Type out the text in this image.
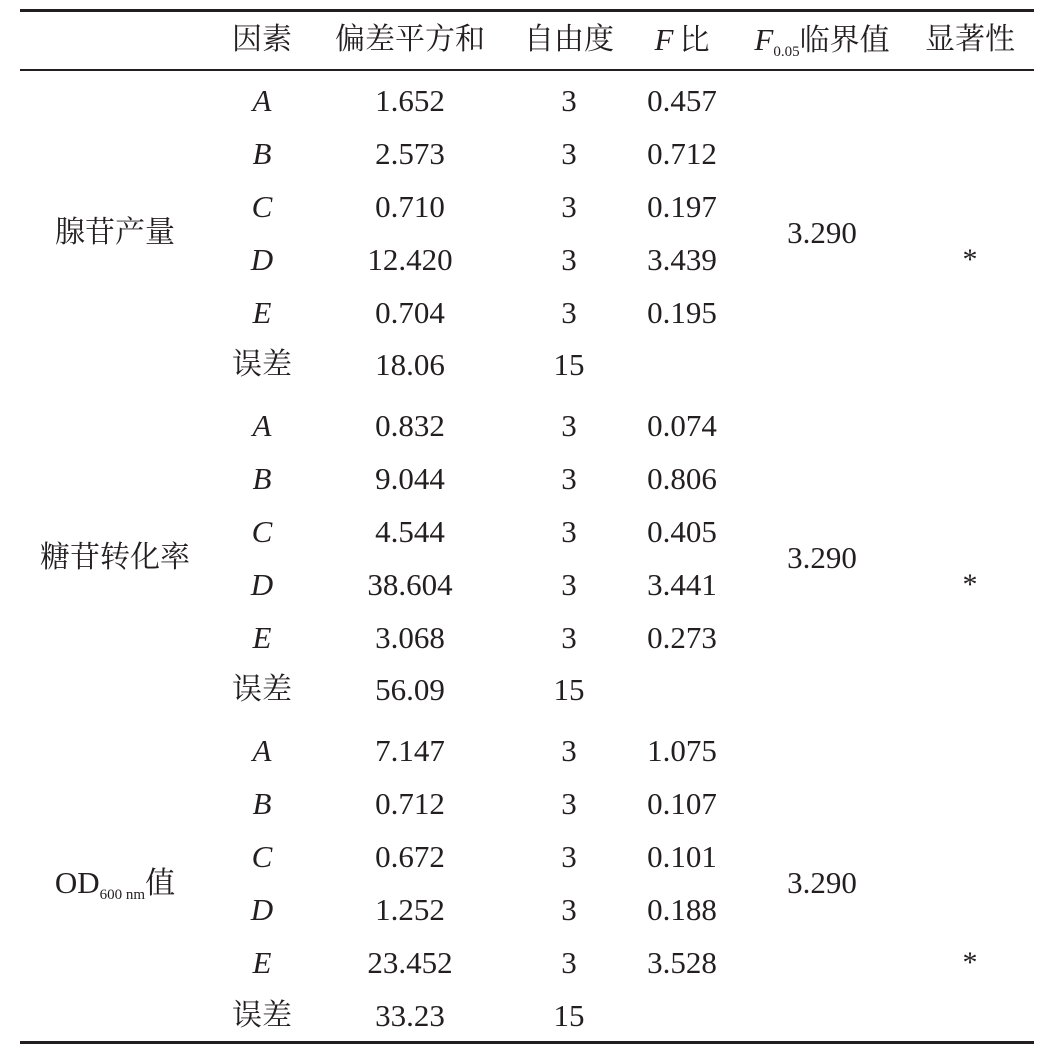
因素 偏差平方和 自由度 F  比 $F_{0.05}$临界值 显著性
腺苷产量	3.290
A	1.652	3 0.457
B	2.573	3 0.712
C	0.710	3 0.197
D	12.420	3 3.439	*
E	0.704	3 0.195
误差	18.06	15
糖苷转化率	3.290
A	0.832	3 0.074
B	9.044	3 0.806
C	4.544	3 0.405
D	38.604	3 3.441	*
E	3.068	3 0.273
误差	56.09	15
$OD_{600 nm}$值	3.290
A	7.147	3 1.075
B	0.712	3 0.107
C	0.672	3 0.101
D	1.252	3 0.188
E	23.452	3 3.528	*
误差	33.23	15
